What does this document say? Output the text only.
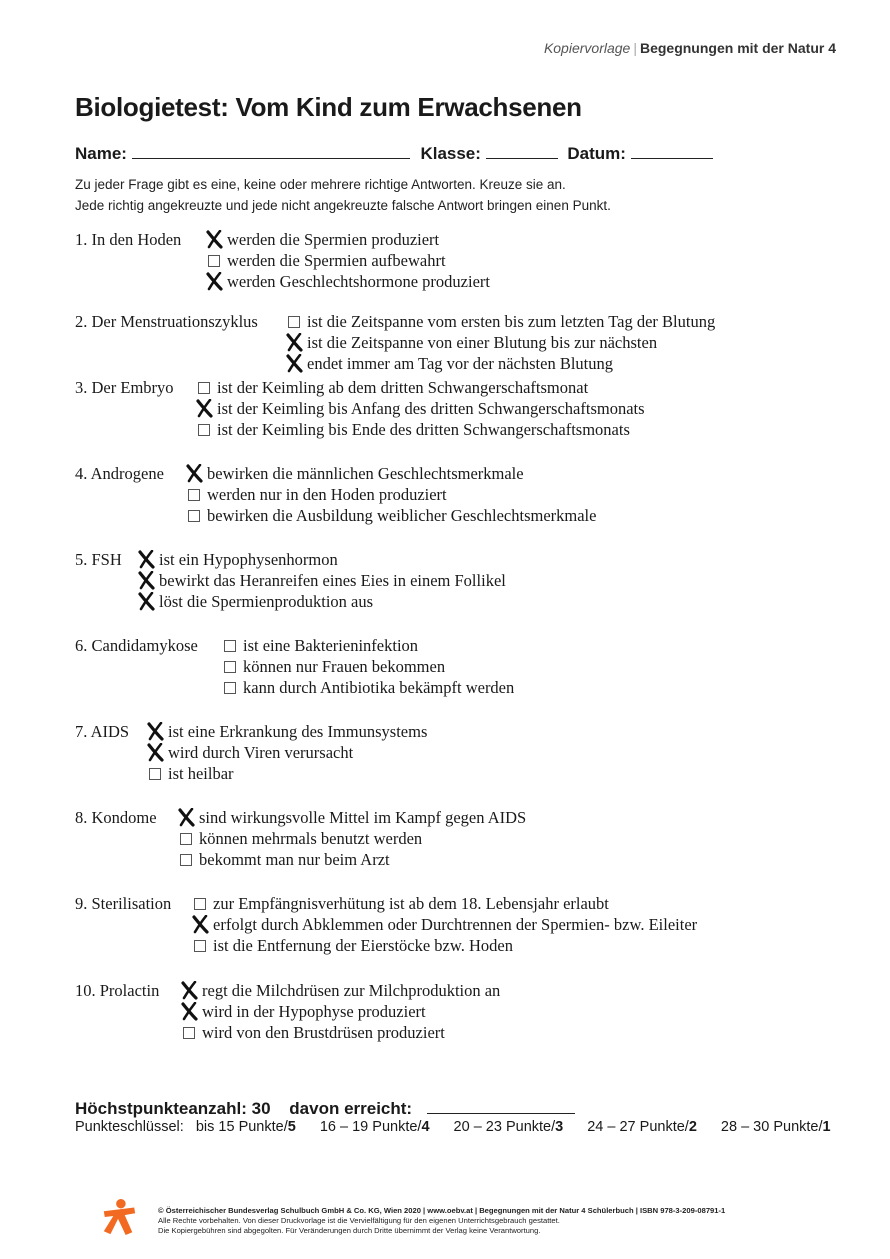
Kopiervorlage | Begegnungen mit der Natur 4
Biologietest: Vom Kind zum Erwachsenen
Name:	Klasse:	Datum:
Zu jeder Frage gibt es eine, keine oder mehrere richtige Antworten. Kreuze sie an.
Jede richtig angekreuzte und jede nicht angekreuzte falsche Antwort bringen einen Punkt.
1. In den Hoden	werden die Spermien produziert
werden die Spermien aufbewahrt
werden Geschlechtshormone produziert
2. Der Menstruationszyklus	ist die Zeitspanne vom ersten bis zum letzten Tag der Blutung
ist die Zeitspanne von einer Blutung bis zur nächsten
endet immer am Tag vor der nächsten Blutung
3. Der Embryo	ist der Keimling ab dem dritten Schwangerschaftsmonat
ist der Keimling bis Anfang des dritten Schwangerschaftsmonats
ist der Keimling bis Ende des dritten Schwangerschaftsmonats
4. Androgene	bewirken die männlichen Geschlechtsmerkmale
werden nur in den Hoden produziert
bewirken die Ausbildung weiblicher Geschlechtsmerkmale
5. FSH ist ein Hypophysenhormon
bewirkt das Heranreifen eines Eies in einem Follikel
löst die Spermienproduktion aus
6. Candidamykose	ist eine Bakterieninfektion
können nur Frauen bekommen
kann durch Antibiotika bekämpft werden
7. AIDS ist eine Erkrankung des Immunsystems
wird durch Viren verursacht
ist heilbar
8. Kondome	sind wirkungsvolle Mittel im Kampf gegen AIDS
können mehrmals benutzt werden
bekommt man nur beim Arzt
9. Sterilisation	zur Empfängnisverhütung ist ab dem 18. Lebensjahr erlaubt
erfolgt durch Abklemmen oder Durchtrennen der Spermien- bzw. Eileiter
ist die Entfernung der Eierstöcke bzw. Hoden
10. Prolactin	regt die Milchdrüsen zur Milchproduktion an
wird in der Hypophyse produziert
wird von den Brustdrüsen produziert
Höchstpunkteanzahl: 30 davon erreicht:
Punkteschlüssel: bis 15 Punkte/5 16 – 19 Punkte/4 20 – 23 Punkte/3 24 – 27 Punkte/2 28 – 30 Punkte/1
© Österreichischer Bundesverlag Schulbuch GmbH & Co. KG, Wien 2020 | www.oebv.at | Begegnungen mit der Natur 4 Schülerbuch | ISBN 978-3-209-08791-1
Alle Rechte vorbehalten. Von dieser Druckvorlage ist die Vervielfältigung für den eigenen Unterrichtsgebrauch gestattet.
Die Kopiergebühren sind abgegolten. Für Veränderungen durch Dritte übernimmt der Verlag keine Verantwortung.
